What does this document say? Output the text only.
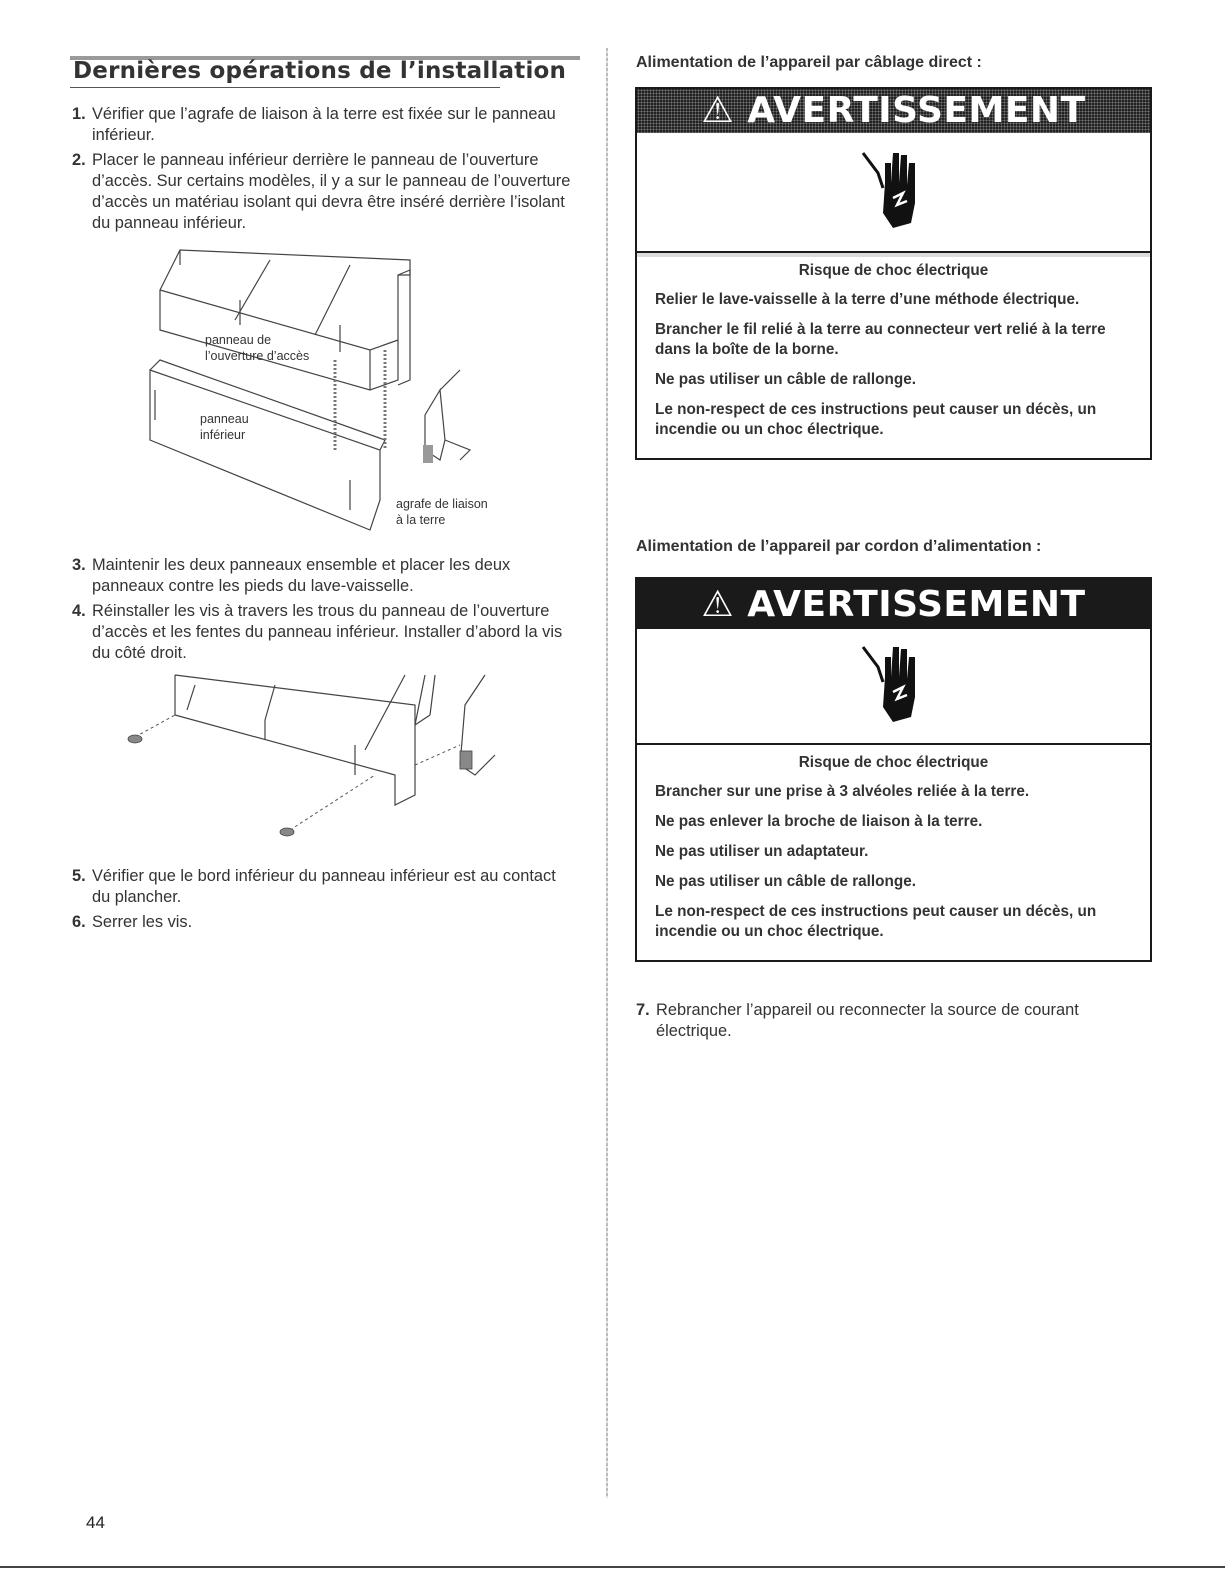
Dernières opérations de l’installation
1. Vérifier que l’agrafe de liaison à la terre est fixée sur le panneau inférieur.
2. Placer le panneau inférieur derrière le panneau de l’ouverture d’accès. Sur certains modèles, il y a sur le panneau de l’ouverture d’accès un matériau isolant qui devra être inséré derrière l’isolant du panneau inférieur.
panneau de
l’ouverture d’accès
panneau
inférieur
agrafe de liaison
à la terre
3. Maintenir les deux panneaux ensemble et placer les deux panneaux contre les pieds du lave-vaisselle.
4. Réinstaller les vis à travers les trous du panneau de l’ouverture d’accès et les fentes du panneau inférieur. Installer d’abord la vis du côté droit.
5. Vérifier que le bord inférieur du panneau inférieur est au contact du plancher.
6. Serrer les vis.
Alimentation de l’appareil par câblage direct :
⚠ AVERTISSEMENT
Risque de choc électrique

Relier le lave-vaisselle à la terre d’une méthode électrique.

Brancher le fil relié à la terre au connecteur vert relié à la terre dans la boîte de la borne.

Ne pas utiliser un câble de rallonge.

Le non-respect de ces instructions peut causer un décès, un incendie ou un choc électrique.

Alimentation de l’appareil par cordon d’alimentation :
⚠ AVERTISSEMENT
Risque de choc électrique

Brancher sur une prise à 3 alvéoles reliée à la terre.

Ne pas enlever la broche de liaison à la terre.

Ne pas utiliser un adaptateur.

Ne pas utiliser un câble de rallonge.

Le non-respect de ces instructions peut causer un décès, un incendie ou un choc électrique.

7. Rebrancher l’appareil ou reconnecter la source de courant électrique.
44
